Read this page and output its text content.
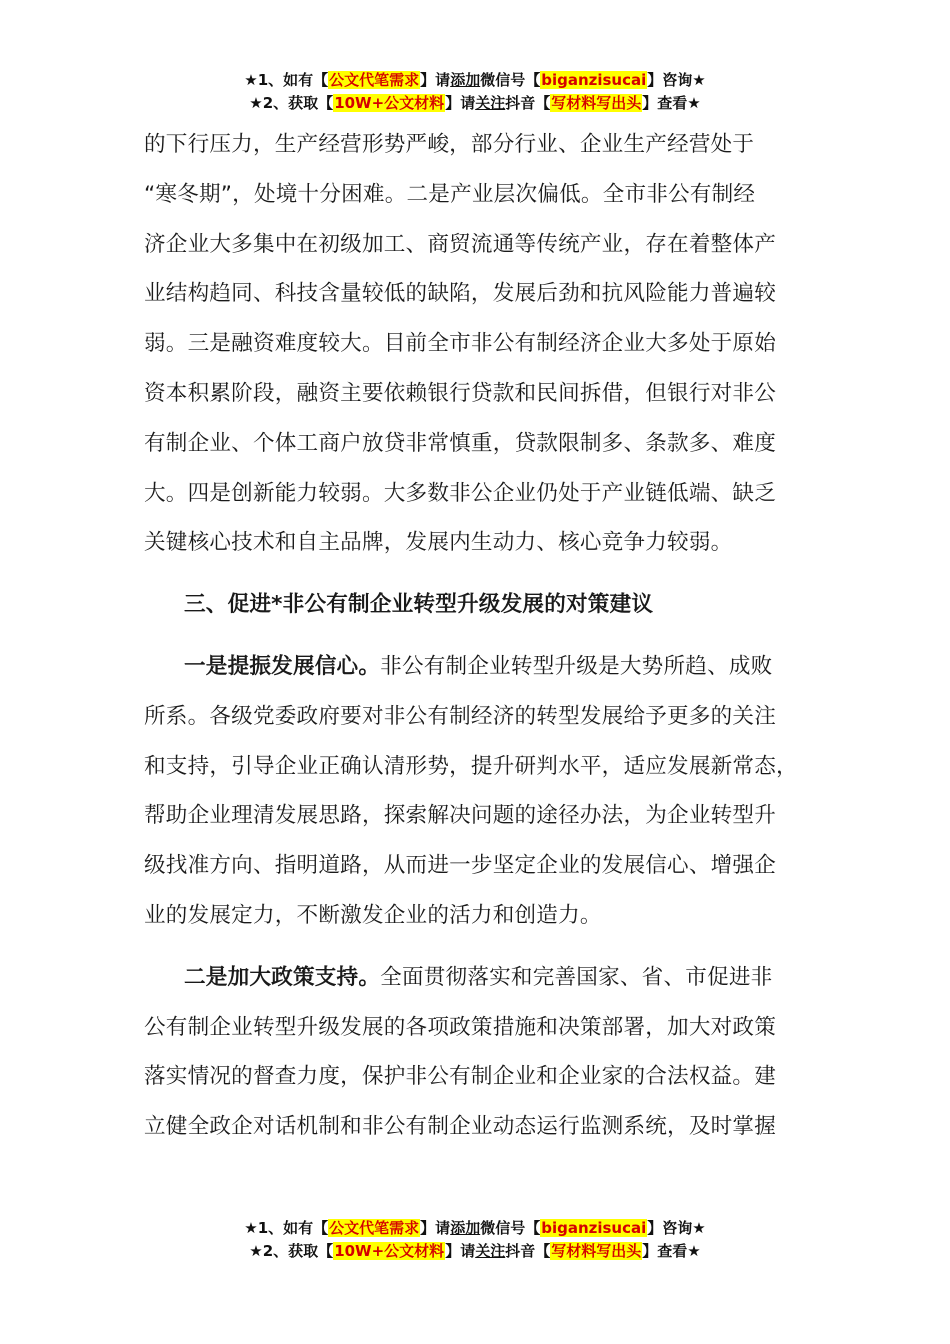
★1、如有【公文代笔需求】请添加微信号【biganzisucai】咨询★
★2、获取【10W+公文材料】请关注抖音【写材料写出头】查看★

的下行压力，生产经营形势严峻，部分行业、企业生产经营处于

“寒冬期”，处境十分困难。二是产业层次偏低。全市非公有制经

济企业大多集中在初级加工、商贸流通等传统产业，存在着整体产

业结构趋同、科技含量较低的缺陷，发展后劲和抗风险能力普遍较

弱。三是融资难度较大。目前全市非公有制经济企业大多处于原始

资本积累阶段，融资主要依赖银行贷款和民间拆借，但银行对非公

有制企业、个体工商户放贷非常慎重，贷款限制多、条款多、难度

大。四是创新能力较弱。大多数非公企业仍处于产业链低端、缺乏

关键核心技术和自主品牌，发展内生动力、核心竞争力较弱。

三、促进*非公有制企业转型升级发展的对策建议

一是提振发展信心。非公有制企业转型升级是大势所趋、成败

所系。各级党委政府要对非公有制经济的转型发展给予更多的关注

和支持，引导企业正确认清形势，提升研判水平，适应发展新常态，

帮助企业理清发展思路，探索解决问题的途径办法，为企业转型升

级找准方向、指明道路，从而进一步坚定企业的发展信心、增强企

业的发展定力，不断激发企业的活力和创造力。

二是加大政策支持。全面贯彻落实和完善国家、省、市促进非

公有制企业转型升级发展的各项政策措施和决策部署，加大对政策

落实情况的督查力度，保护非公有制企业和企业家的合法权益。建

立健全政企对话机制和非公有制企业动态运行监测系统，及时掌握

★1、如有【公文代笔需求】请添加微信号【biganzisucai】咨询★
★2、获取【10W+公文材料】请关注抖音【写材料写出头】查看★
